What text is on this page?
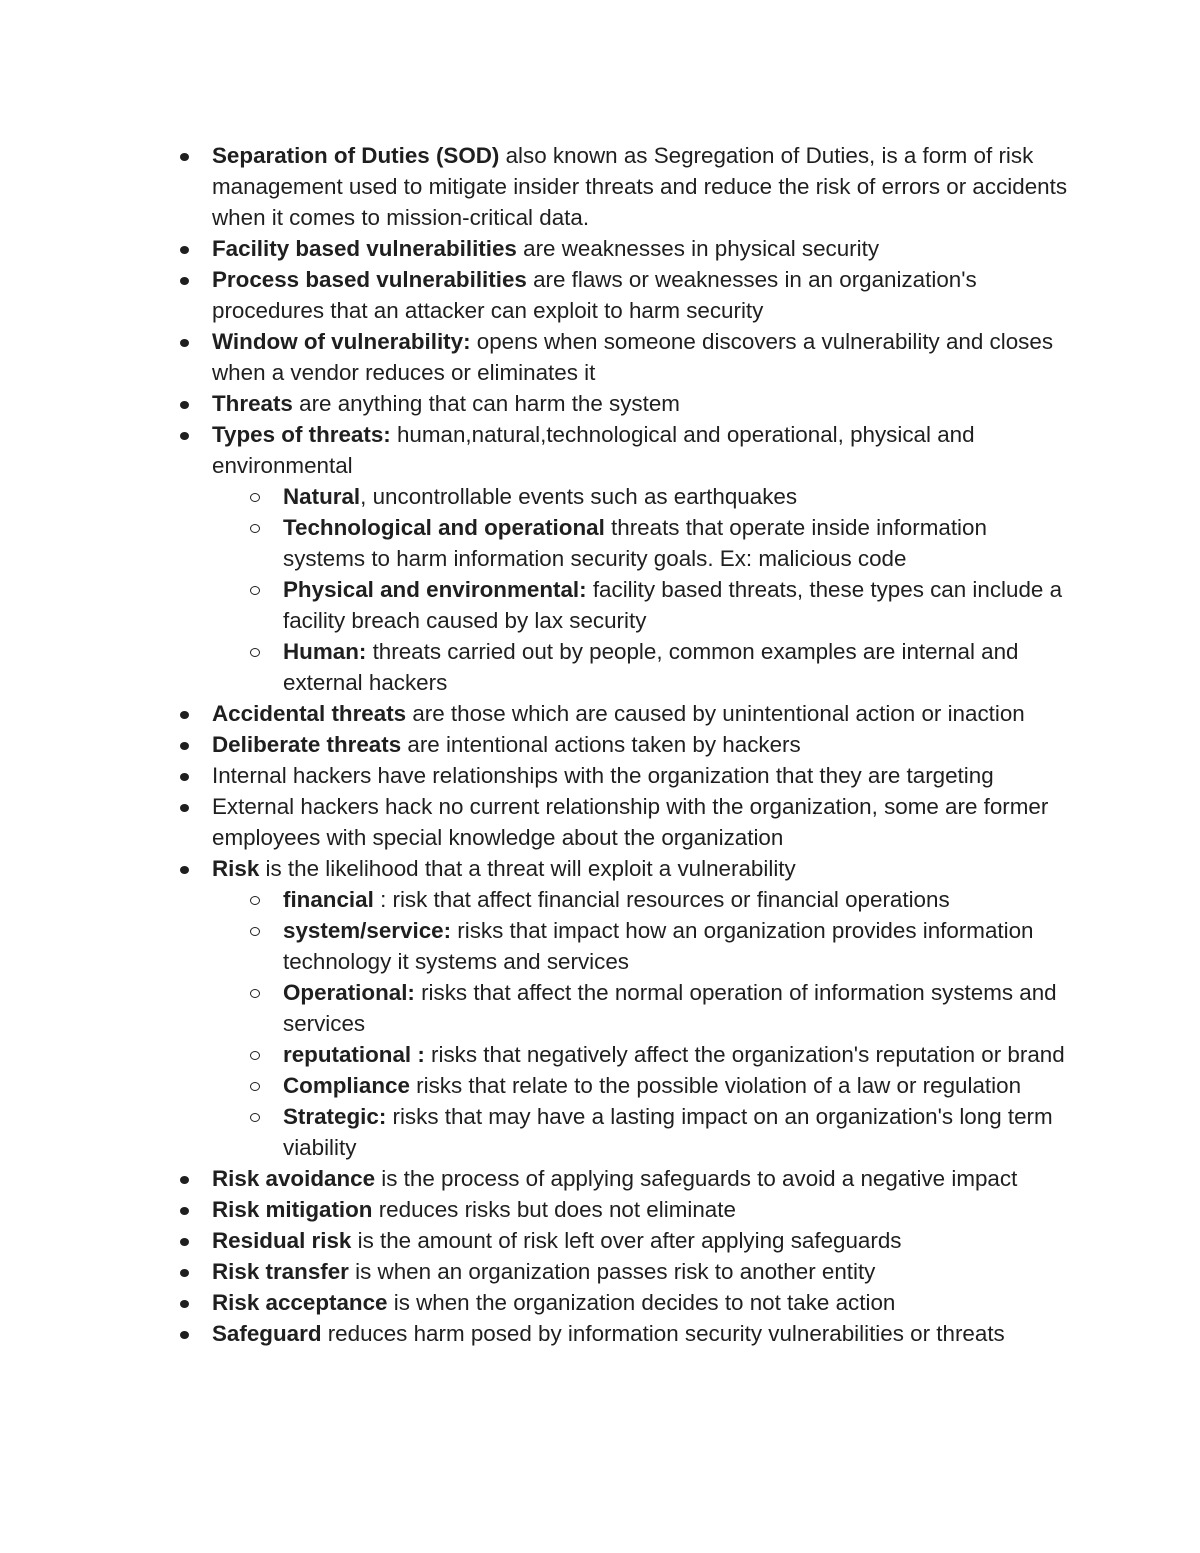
Separation of Duties (SOD) also known as Segregation of Duties, is a form of risk management used to mitigate insider threats and reduce the risk of errors or accidents when it comes to mission-critical data.
Facility based vulnerabilities are weaknesses in physical security
Process based vulnerabilities are flaws or weaknesses in an organization's procedures that an attacker can exploit to harm security
Window of vulnerability: opens when someone discovers a vulnerability and closes when a vendor reduces or eliminates it
Threats are anything that can harm the system
Types of threats: human,natural,technological and operational, physical and environmental
Natural, uncontrollable events such as earthquakes
Technological and operational threats that operate inside information systems to harm information security goals. Ex: malicious code
Physical and environmental: facility based threats, these types can include a facility breach caused by lax security
Human: threats carried out by people, common examples are internal and external hackers
Accidental threats are those which are caused by unintentional action or inaction
Deliberate threats are intentional actions taken by hackers
Internal hackers have relationships with the organization that they are targeting
External hackers hack no current relationship with the organization, some are former employees with special knowledge about the organization
Risk is the likelihood that a threat will exploit a vulnerability
financial : risk that affect financial resources or financial operations
system/service: risks that impact how an organization provides information technology it systems and services
Operational: risks that affect the normal operation of information systems and services
reputational : risks that negatively affect the organization's reputation or brand
Compliance risks that relate to the possible violation of a law or regulation
Strategic: risks that may have a lasting impact on an organization's long term viability
Risk avoidance is the process of applying safeguards to avoid a negative impact
Risk mitigation reduces risks but does not eliminate
Residual risk is the amount of risk left over after applying safeguards
Risk transfer is when an organization passes risk to another entity
Risk acceptance is when the organization decides to not take action
Safeguard reduces harm posed by information security vulnerabilities or threats
